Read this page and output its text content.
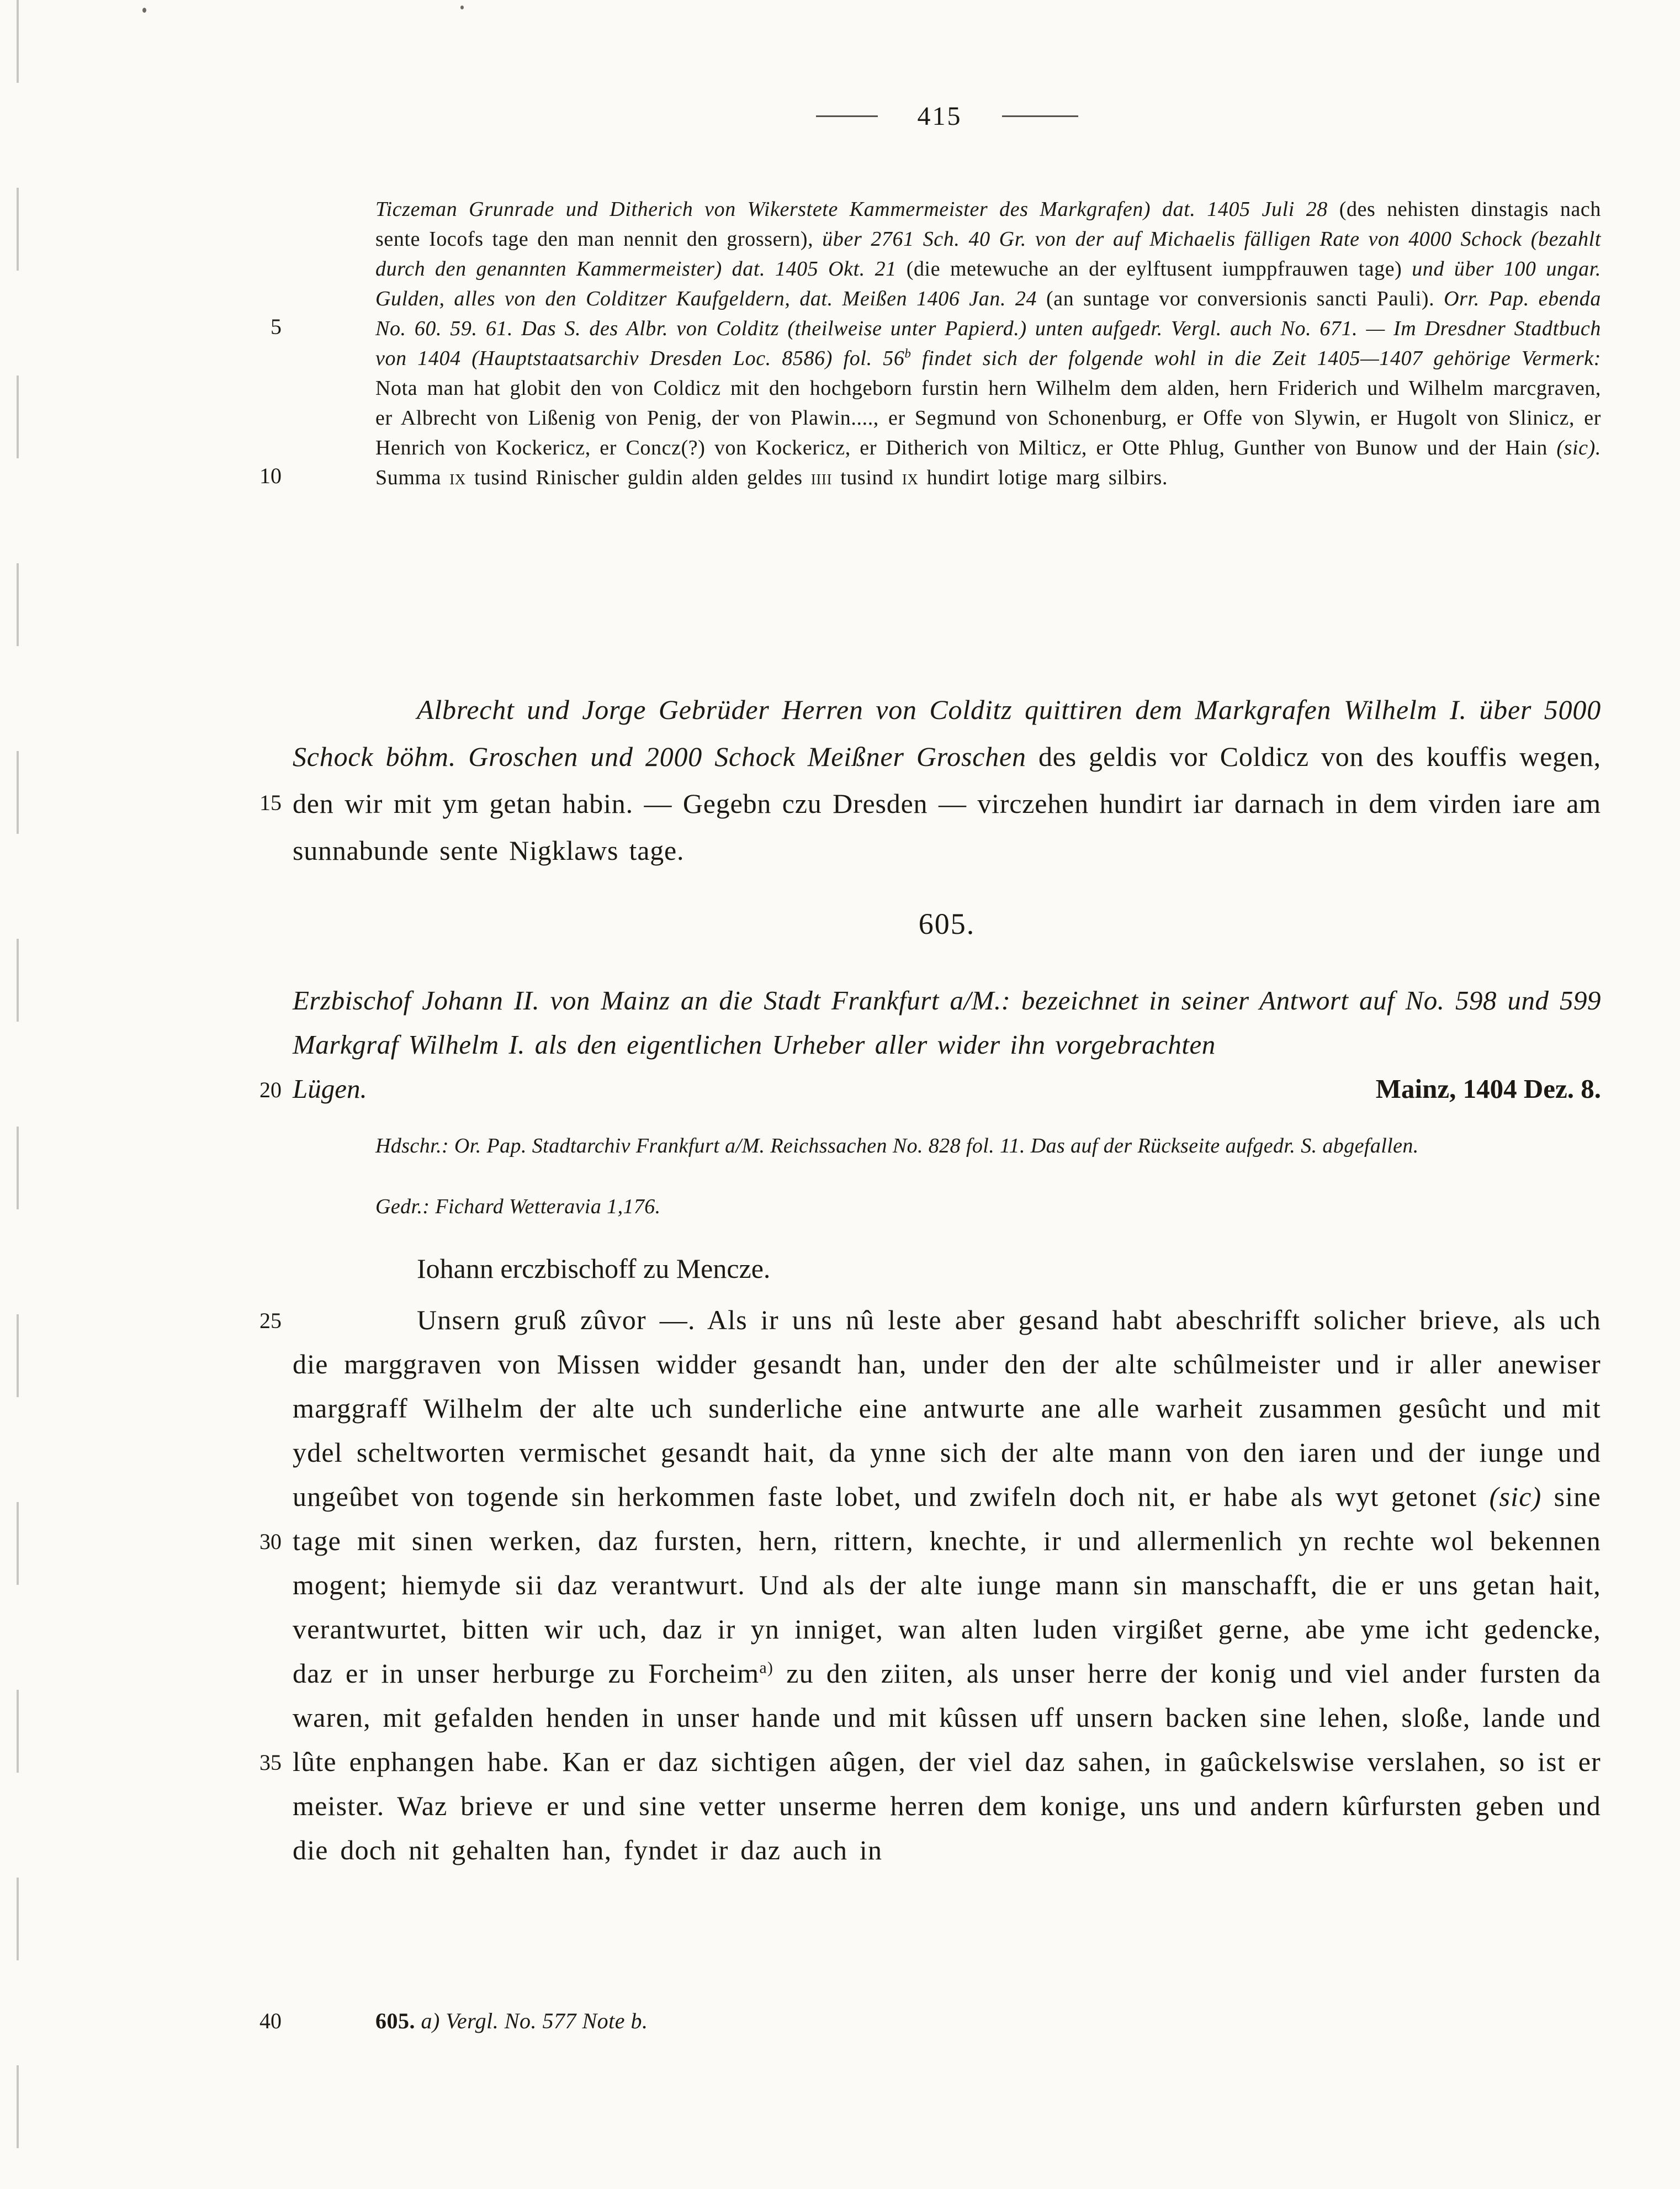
415
5
10
15
20
25
30
35
40

Ticzeman Grunrade und Ditherich von Wikerstete Kammermeister des Markgrafen) dat. 1405 Juli 28 (des nehisten dinstagis nach sente Iocofs tage den man nennit den grossern), über 2761 Sch. 40 Gr. von der auf Michaelis fälligen Rate von 4000 Schock (bezahlt durch den genannten Kammermeister) dat. 1405 Okt. 21 (die metewuche an der eylftusent iumppfrauwen tage) und über 100 ungar. Gulden, alles von den Colditzer Kaufgeldern, dat. Meißen 1406 Jan. 24 (an suntage vor conversionis sancti Pauli). Orr. Pap. ebenda No. 60. 59. 61. Das S. des Albr. von Colditz (theilweise unter Papierd.) unten aufgedr. Vergl. auch No. 671. — Im Dresdner Stadtbuch von 1404 (Hauptstaatsarchiv Dresden Loc. 8586) fol. 56$^b$ findet sich der folgende wohl in die Zeit 1405—1407 gehörige Vermerk: Nota man hat globit den von Coldicz mit den hochgeborn furstin hern Wilhelm dem alden, hern Friderich und Wilhelm marcgraven, er Albrecht von Lißenig von Penig, der von Plawin...., er Segmund von Schonenburg, er Offe von Slywin, er Hugolt von Slinicz, er Henrich von Kockericz, er Concz(?) von Kockericz, er Ditherich von Milticz, er Otte Phlug, Gunther von Bunow und der Hain (sic). Summa ix tusind Rinischer guldin alden geldes iiii tusind ix hundirt lotige marg silbirs.

Albrecht und Jorge Gebrüder Herren von Colditz quittiren dem Markgrafen Wilhelm I. über 5000 Schock böhm. Groschen und 2000 Schock Meißner Groschen des geldis vor Coldicz von des kouffis wegen, den wir mit ym getan habin. — Gegebn czu Dresden — virczehen hundirt iar darnach in dem virden iare am sunnabunde sente Nigklaws tage.

605.

Erzbischof Johann II. von Mainz an die Stadt Frankfurt a/M.: bezeichnet in seiner Antwort auf No. 598 und 599 Markgraf Wilhelm I. als den eigentlichen Urheber aller wider ihn vorgebrachten

Lügen.	Mainz, 1404 Dez. 8.

Hdschr.: Or. Pap. Stadtarchiv Frankfurt a/M. Reichssachen No. 828 fol. 11. Das auf der Rückseite aufgedr. S. abgefallen.

Gedr.: Fichard Wetteravia 1,176.

Iohann erczbischoff zu Mencze.

Unsern gruß zûvor —. Als ir uns nû leste aber gesand habt abeschrifft solicher brieve, als uch die marggraven von Missen widder gesandt han, under den der alte schûlmeister und ir aller anewiser marggraff Wilhelm der alte uch sunderliche eine antwurte ane alle warheit zusammen gesûcht und mit ydel scheltworten vermischet gesandt hait, da ynne sich der alte mann von den iaren und der iunge und ungeûbet von togende sin herkommen faste lobet, und zwifeln doch nit, er habe als wyt getonet (sic) sine tage mit sinen werken, daz fursten, hern, rittern, knechte, ir und allermenlich yn rechte wol bekennen mogent; hiemyde sii daz verantwurt. Und als der alte iunge mann sin manschafft, die er uns getan hait, verantwurtet, bitten wir uch, daz ir yn inniget, wan alten luden virgißet gerne, abe yme icht gedencke, daz er in unser herburge zu Forcheim$^{a)}$ zu den ziiten, als unser herre der konig und viel ander fursten da waren, mit gefalden henden in unser hande und mit kûssen uff unsern backen sine lehen, sloße, lande und lûte enphangen habe. Kan er daz sichtigen aûgen, der viel daz sahen, in gaûckelswise verslahen, so ist er meister. Waz brieve er und sine vetter unserme herren dem konige, uns und andern kûrfursten geben und die doch nit gehalten han, fyndet ir daz auch in

605. a) Vergl. No. 577 Note b.
